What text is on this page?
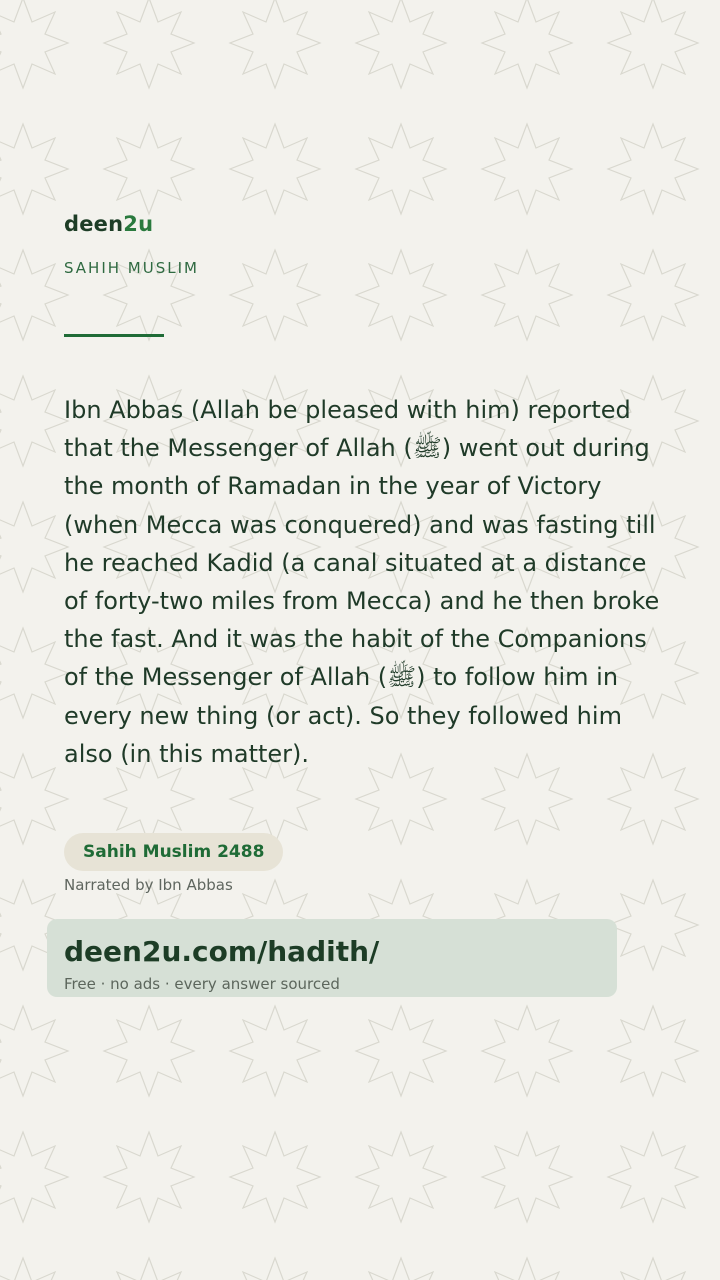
deen2u
SAHIH MUSLIM
Ibn Abbas (Allah be pleased with him) reported that the Messenger of Allah (ﷺ) went out during the month of Ramadan in the year of Victory (when Mecca was conquered) and was fasting till he reached Kadid (a canal situated at a distance of forty-two miles from Mecca) and he then broke the fast. And it was the habit of the Companions of the Messenger of Allah (ﷺ) to follow him in every new thing (or act). So they followed him also (in this matter).
Sahih Muslim 2488
Narrated by Ibn Abbas
deen2u.com/hadith/
Free · no ads · every answer sourced
